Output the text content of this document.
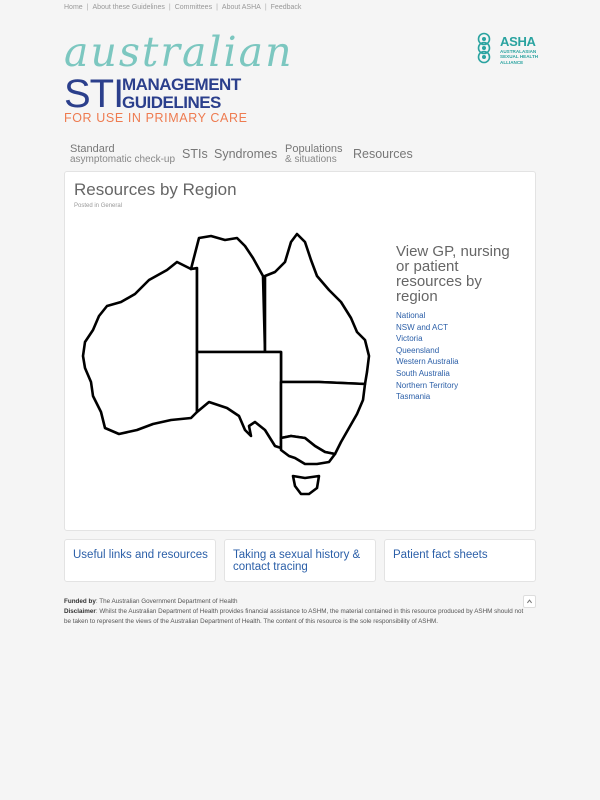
Home | About these Guidelines | Committees | About ASHA | Feedback
australian
STI
MANAGEMENT
GUIDELINES
FOR USE IN PRIMARY CARE
ASHA
AUSTRALASIAN
SEXUAL HEALTH
ALLIANCE
Standard
asymptomatic check-up STIs Syndromes Populations
& situations	Resources
Resources by Region
Posted in General
View GP, nursing or patient resources by region
National
NSW and ACT
Victoria
Queensland
Western Australia
South Australia
Northern Territory
Tasmania
Useful links and resources Taking a sexual history & contact tracing
Patient fact sheets
Funded by: The Australian Government Department of Health
Disclaimer: Whilst the Australian Department of Health provides financial assistance to ASHM, the material contained in this resource produced by ASHM should not be taken to represent the views of the Australian Department of Health. The content of this resource is the sole responsibility of ASHM.
